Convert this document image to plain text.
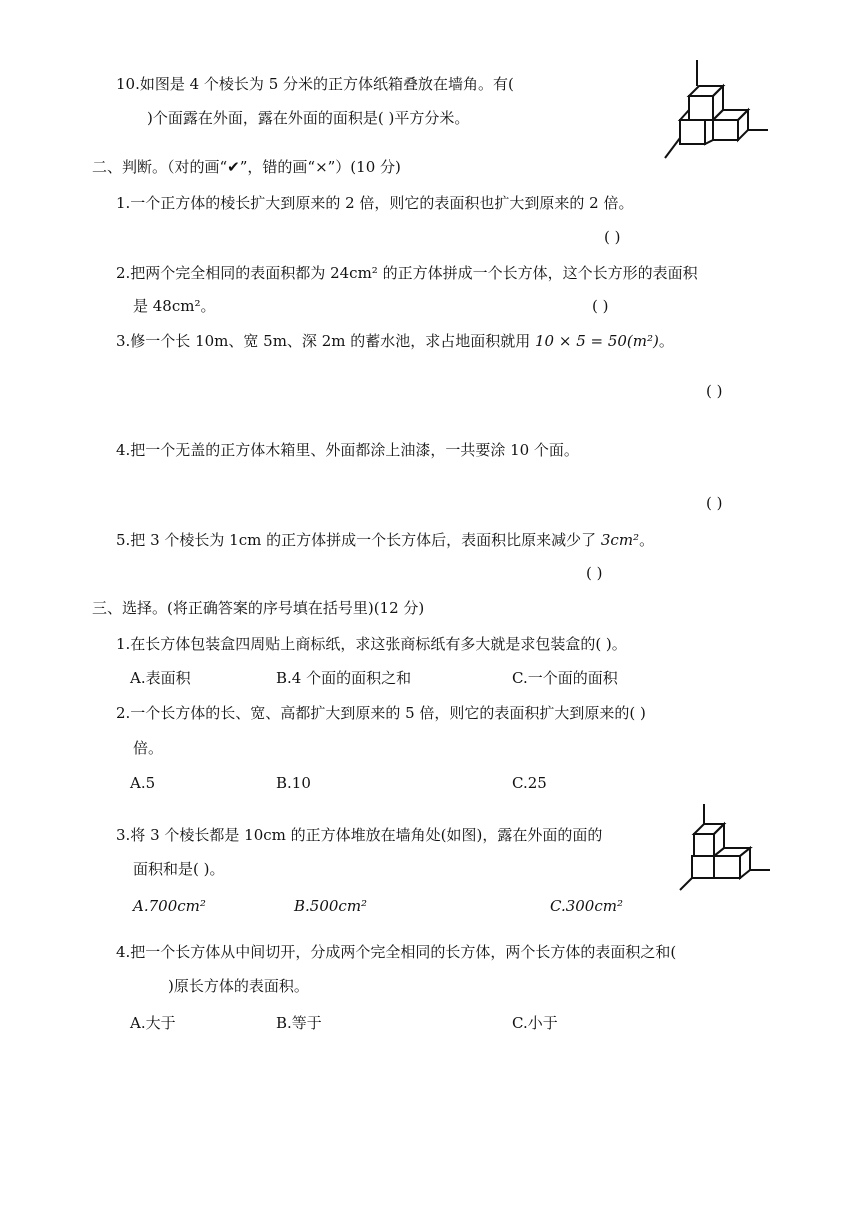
10.如图是 4 个棱长为 5 分米的正方体纸箱叠放在墙角。有(
)个面露在外面，露在外面的面积是( )平方分米。
二、判断。（对的画“✔”，错的画“×”）(10 分)
1.一个正方体的棱长扩大到原来的 2 倍，则它的表面积也扩大到原来的 2 倍。
( )
2.把两个完全相同的表面积都为 24cm² 的正方体拼成一个长方体，这个长方形的表面积
是 48cm²。	( )
3.修一个长 10m、宽 5m、深 2m 的蓄水池，求占地面积就用 10 × 5 = 50(m²)。
( )
4.把一个无盖的正方体木箱里、外面都涂上油漆，一共要涂 10 个面。
( )
5.把 3 个棱长为 1cm 的正方体拼成一个长方体后，表面积比原来减少了 3cm²。
( )
三、选择。(将正确答案的序号填在括号里)(12 分)
1.在长方体包装盒四周贴上商标纸，求这张商标纸有多大就是求包装盒的( )。
A.表面积	B.4 个面的面积之和	C.一个面的面积
2.一个长方体的长、宽、高都扩大到原来的 5 倍，则它的表面积扩大到原来的( )
倍。
A.5	B.10	C.25
3.将 3 个棱长都是 10cm 的正方体堆放在墙角处(如图)，露在外面的面的
面积和是( )。
A.700cm²	B.500cm²	C.300cm²
4.把一个长方体从中间切开，分成两个完全相同的长方体，两个长方体的表面积之和(
)原长方体的表面积。
A.大于	B.等于	C.小于
